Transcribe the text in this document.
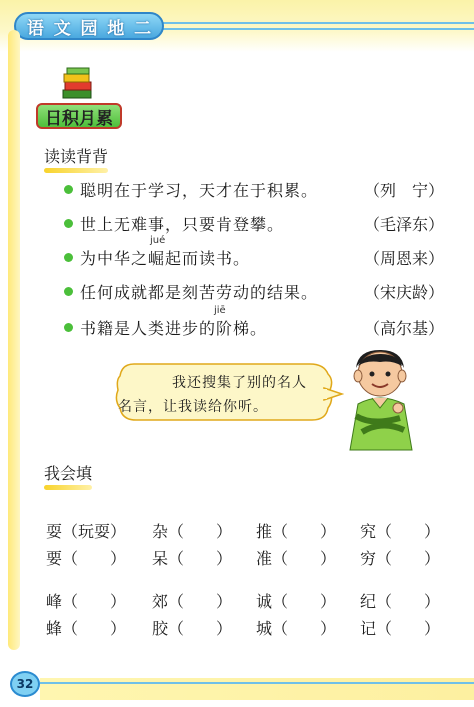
语 文 园 地 二
日积月累
读读背背
聪明在于学习，天才在于积累。	（列　宁）
世上无难事，只要肯登攀。	（毛泽东）
jué
为中华之崛起而读书。	（周恩来）
任何成就都是刻苦劳动的结果。	（宋庆龄）
jiē
书籍是人类进步的阶梯。	（高尔基）
我还搜集了别的名人
名言，让我读给你听。
我会填
耍（玩耍） 杂（　　） 推（　　） 究（　　）
要（　　） 呆（　　） 准（　　） 穷（　　）
峰（　　） 郊（　　） 诚（　　） 纪（　　）
蜂（　　） 胶（　　） 城（　　） 记（　　）
32
